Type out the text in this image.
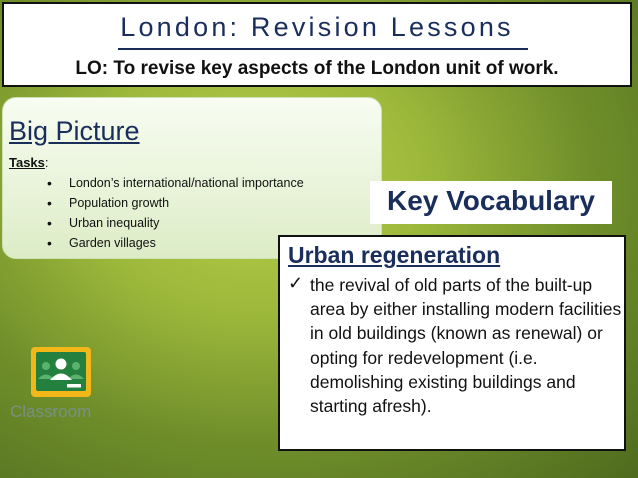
London: Revision Lessons
LO: To revise key aspects of the London unit of work.
Big Picture
Tasks:
• London’s international/national importance
• Population growth
• Urban inequality
• Garden villages
Key Vocabulary
Urban regeneration
✓ the revival of old parts of the built-up area by either installing modern facilities in old buildings (known as renewal) or opting for redevelopment (i.e. demolishing existing buildings and starting afresh).
Classroom
